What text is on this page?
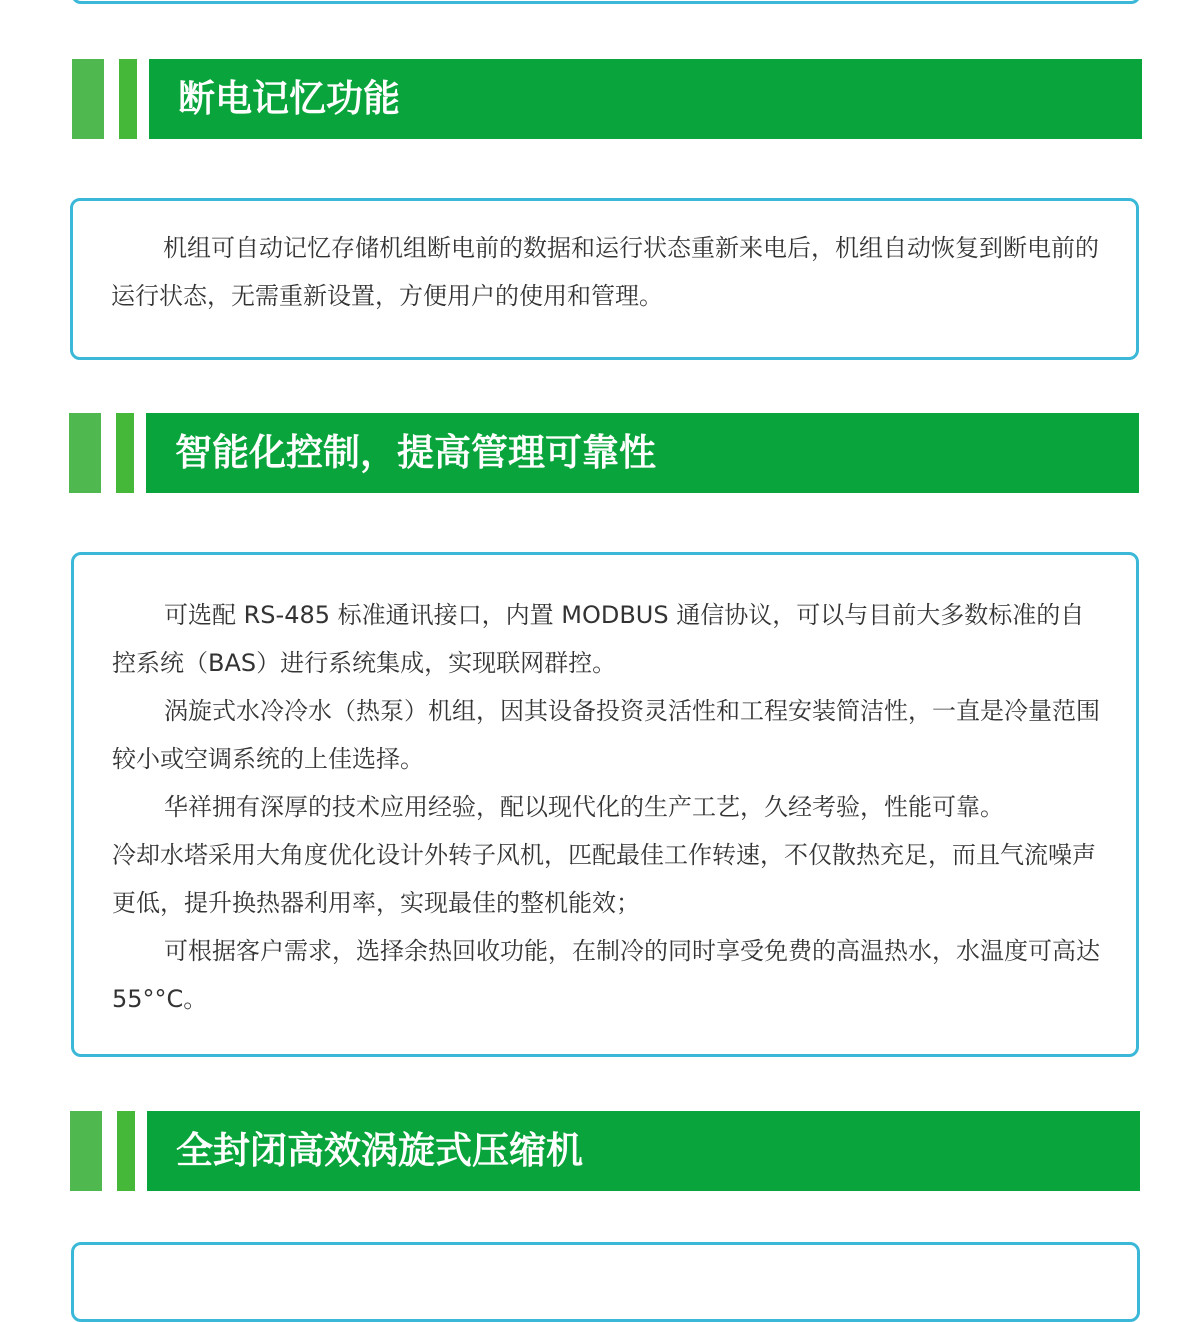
断电记忆功能

机组可自动记忆存储机组断电前的数据和运行状态重新来电后，机组自动恢复到断电前的运行状态，无需重新设置，方便用户的使用和管理。

智能化控制，提高管理可靠性

可选配 RS-485 标准通讯接口，内置 MODBUS 通信协议，可以与目前大多数标准的自控系统（BAS）进行系统集成，实现联网群控。

涡旋式水冷冷水（热泵）机组，因其设备投资灵活性和工程安装简洁性，一直是冷量范围较小或空调系统的上佳选择。

华祥拥有深厚的技术应用经验，配以现代化的生产工艺，久经考验，性能可靠。

冷却水塔采用大角度优化设计外转子风机，匹配最佳工作转速，不仅散热充足，而且气流噪声更低，提升换热器利用率，实现最佳的整机能效；

可根据客户需求，选择余热回收功能，在制冷的同时享受免费的高温热水，水温度可高达 55°°C。

全封闭高效涡旋式压缩机
